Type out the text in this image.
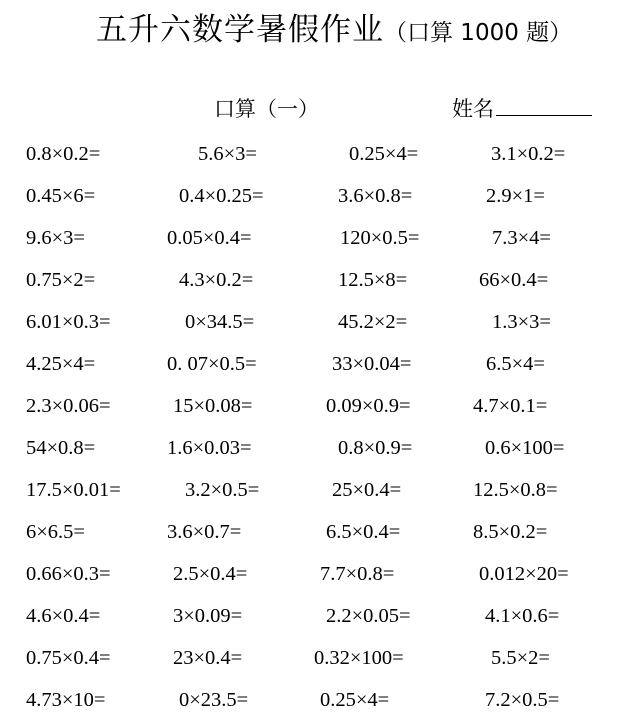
五升六数学暑假作业（口算 1000 题）
口算（一）	姓名
0.8×0.2=	5.6×3=	0.25×4=	3.1×0.2=
0.45×6=	0.4×0.25=	3.6×0.8=	2.9×1=
9.6×3=	0.05×0.4=	120×0.5=	7.3×4=
0.75×2=	4.3×0.2=	12.5×8=	66×0.4=
6.01×0.3=	0×34.5=	45.2×2=	1.3×3=
4.25×4=	0. 07×0.5=	33×0.04=	6.5×4=
2.3×0.06=	15×0.08=	0.09×0.9=	4.7×0.1=
54×0.8=	1.6×0.03=	0.8×0.9=	0.6×100=
17.5×0.01=	3.2×0.5=	25×0.4=	12.5×0.8=
6×6.5=	3.6×0.7=	6.5×0.4=	8.5×0.2=
0.66×0.3=	2.5×0.4=	7.7×0.8=	0.012×20=
4.6×0.4=	3×0.09=	2.2×0.05=	4.1×0.6=
0.75×0.4=	23×0.4=	0.32×100=	5.5×2=
4.73×10=	0×23.5=	0.25×4=	7.2×0.5=
